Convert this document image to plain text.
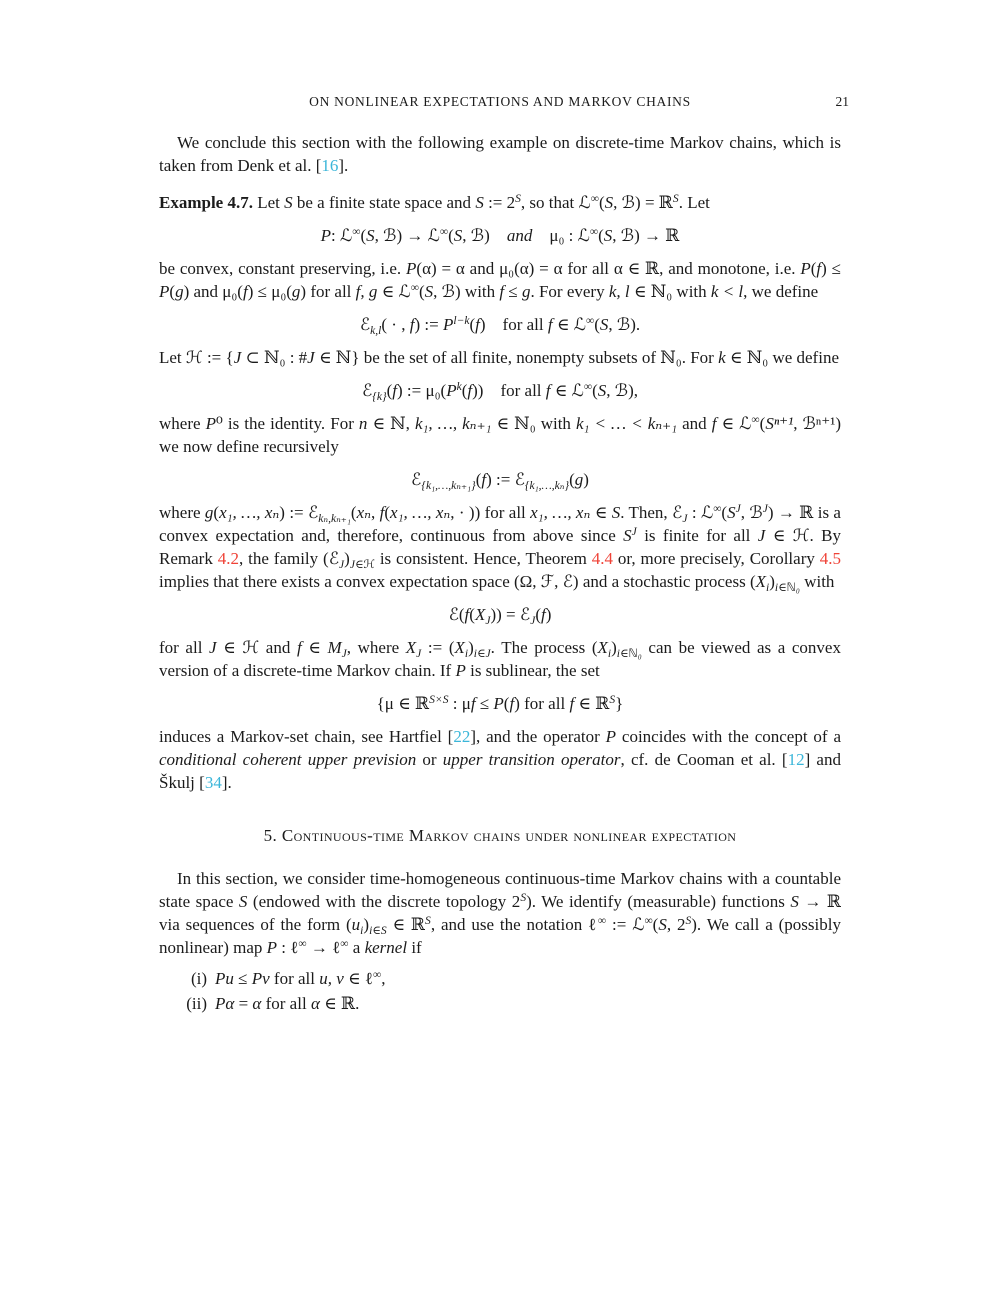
ON NONLINEAR EXPECTATIONS AND MARKOV CHAINS	21

We conclude this section with the following example on discrete-time Markov chains, which is taken from Denk et al. [16].

Example 4.7. Let S be a finite state space and S := $2^S$, so that ℒ∞(S, ℬ) = ℝ$^S$. Let

P: ℒ∞(S, ℬ) → ℒ∞(S, ℬ) and μ₀ : ℒ∞(S, ℬ) → ℝ

be convex, constant preserving, i.e. P(α) = α and μ₀(α) = α for all α ∈ ℝ, and monotone, i.e. P(f) ≤ P(g) and μ₀(f) ≤ μ₀(g) for all f, g ∈ ℒ∞(S, ℬ) with f ≤ g. For every k, l ∈ ℕ₀ with k < l, we define

ℰ$_{k,l}$( · , f) := $P^{l-k}(f)$ for all f ∈ ℒ∞(S, ℬ).

Let ℋ := {J ⊂ ℕ₀ : #J ∈ ℕ} be the set of all finite, nonempty subsets of ℕ₀. For k ∈ ℕ₀ we define

ℰ$_{\{k\}}$(f) := $\mu_0(P^k(f))$ for all f ∈ ℒ∞(S, ℬ),

where P⁰ is the identity. For n ∈ ℕ, k₁, …, kₙ₊₁ ∈ ℕ₀ with k₁ < … < kₙ₊₁ and f ∈ ℒ∞(Sⁿ⁺¹, ℬⁿ⁺¹) we now define recursively

ℰ$_{\{k_1,\dots,k_{n+1}\}}$(f) := ℰ$_{\{k_1,\dots,k_n\}}$(g)

where g(x₁, …, xₙ) := ℰ$_{k_n,k_{n+1}}$(xₙ, f(x₁, …, xₙ, · )) for all x₁, …, xₙ ∈ S. Then, ℰ$_J$ : $ℒ^\infty(S^J$, ℬ$^J$) → ℝ is a convex expectation and, therefore, continuous from above since $S^J$ is finite for all J ∈ ℋ. By Remark 4.2, the family $(ℰ_J)_{J\in ℋ}$ is consistent. Hence, Theorem 4.4 or, more precisely, Corollary 4.5 implies that there exists a convex expectation space (Ω, ℱ, ℰ) and a stochastic process $(X_i)_{i\in ℕ_0}$ with

$ℰ(f(X_J))$ = ℰ$_J$(f)

for all J ∈ ℋ and f ∈ $M_J$, where $X_J$ := $(X_i)_{i\in J}$. The process $(X_i)_{i\in ℕ_0}$ can be viewed as a convex version of a discrete-time Markov chain. If P is sublinear, the set

{μ ∈ ℝ$^{S\times S}$ : μf ≤ P(f) for all f ∈ ℝ$^S$}

induces a Markov-set chain, see Hartfiel [22], and the operator P coincides with the concept of a conditional coherent upper prevision or upper transition operator, cf. de Cooman et al. [12] and Škulj [34].

5. Continuous-time Markov chains under nonlinear expectation

In this section, we consider time-homogeneous continuous-time Markov chains with a countable state space S (endowed with the discrete topology $2^S$). We identify (measurable) functions S → ℝ via sequences of the form $(u_i)_{i\in S}$ ∈ ℝ$^S$, and use the notation ℓ∞ := ℒ∞(S, $2^S$). We call a (possibly nonlinear) map P : ℓ∞ → ℓ∞ a kernel if

(i) Pu ≤ Pv for all u, v ∈ ℓ∞,
(ii) Pα = α for all α ∈ ℝ.
